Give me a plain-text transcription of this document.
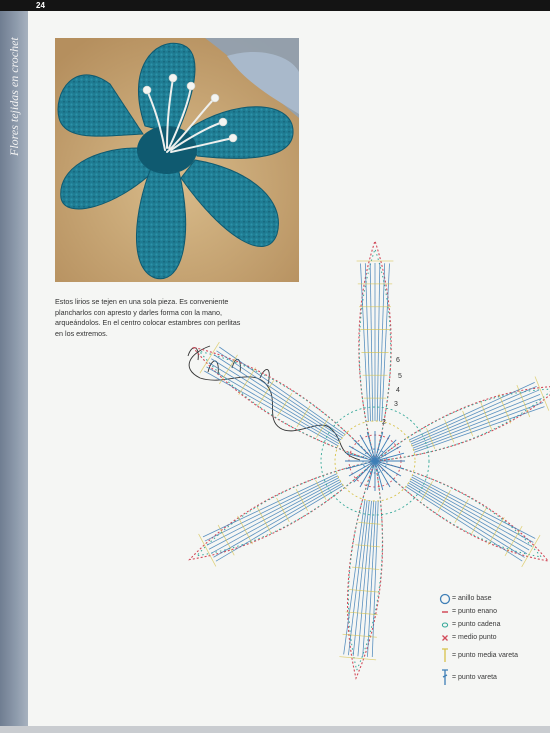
24
Flores tejidas en crochet
Estos lirios se tejen en una sola pieza. Es conveniente
plancharlos con apresto y darles forma con la mano,
arqueándolos. En el centro colocar estambres con perlitas
en los extremos.
6
5
4
3
2
= anillo base
= punto enano
= punto cadena
= medio punto
= punto media vareta
= punto vareta
